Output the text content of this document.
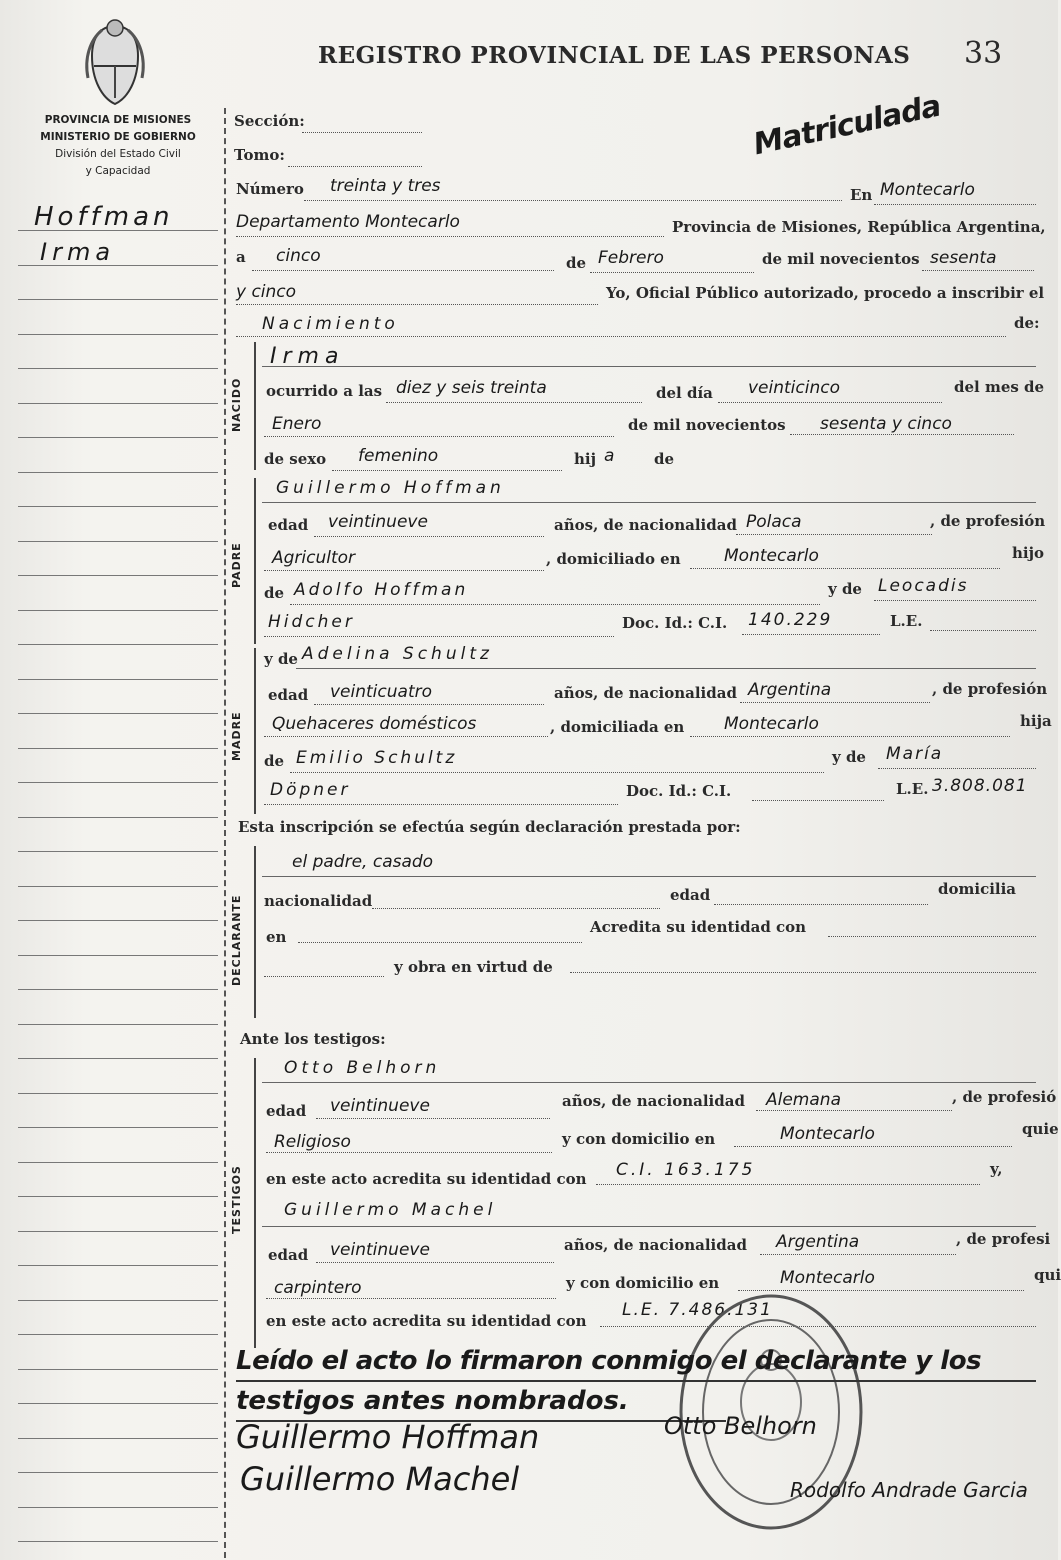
PROVINCIA DE MISIONES
MINISTERIO DE GOBIERNO
División del Estado Civil
y Capacidad
REGISTRO PROVINCIAL DE LAS PERSONAS 33
Matriculada
Hoffman
Irma
Sección:
Tomo:
Número treinta y tres	En Montecarlo
Departamento Montecarlo	Provincia de Misiones, República Argentina,
a cinco	de Febrero	de mil novecientos sesenta
y cinco	Yo, Oficial Público autorizado, procedo a inscribir el
Nacimiento	de:
NACIDO
Irma
ocurrido a las diez y seis treinta	del día veinticinco	del mes de
Enero	de mil novecientos sesenta y cinco
de sexo femenino	hij a	de
PADRE
Guillermo Hoffman
edad veintinueve	años, de nacionalidad Polaca	, de profesión
Agricultor	, domiciliado en	Montecarlo	hijo
de Adolfo Hoffman	y de Leocadis
Hidcher	Doc. Id.: C.I. 140.229	L.E.
MADRE
y de Adelina Schultz
edad veinticuatro	años, de nacionalidad Argentina	, de profesión
Quehaceres domésticos	, domiciliada en Montecarlo	hija
de Emilio Schultz	y de María
Döpner	Doc. Id.: C.I.	L.E. 3.808.081
Esta inscripción se efectúa según declaración prestada por:
DECLARANTE
el padre, casado
nacionalidad	edad	domicilia
en
Acredita su identidad con
y obra en virtud de
Ante los testigos:
TESTIGOS
Otto Belhorn
edad veintinueve	años, de nacionalidad Alemana	, de profesió
Religioso	y con domicilio en	Montecarlo	quie
en este acto acredita su identidad con C.I. 163.175	y,
Guillermo Machel
edad veintinueve	años, de nacionalidad Argentina	, de profesi
carpintero	y con domicilio en	Montecarlo	qui
en este acto acredita su identidad con
L.E. 7.486.131
Leído el acto lo firmaron conmigo el declarante y los
testigos antes nombrados.
Guillermo Hoffman	Otto Belhorn
Guillermo Machel	Rodolfo Andrade Garcia
